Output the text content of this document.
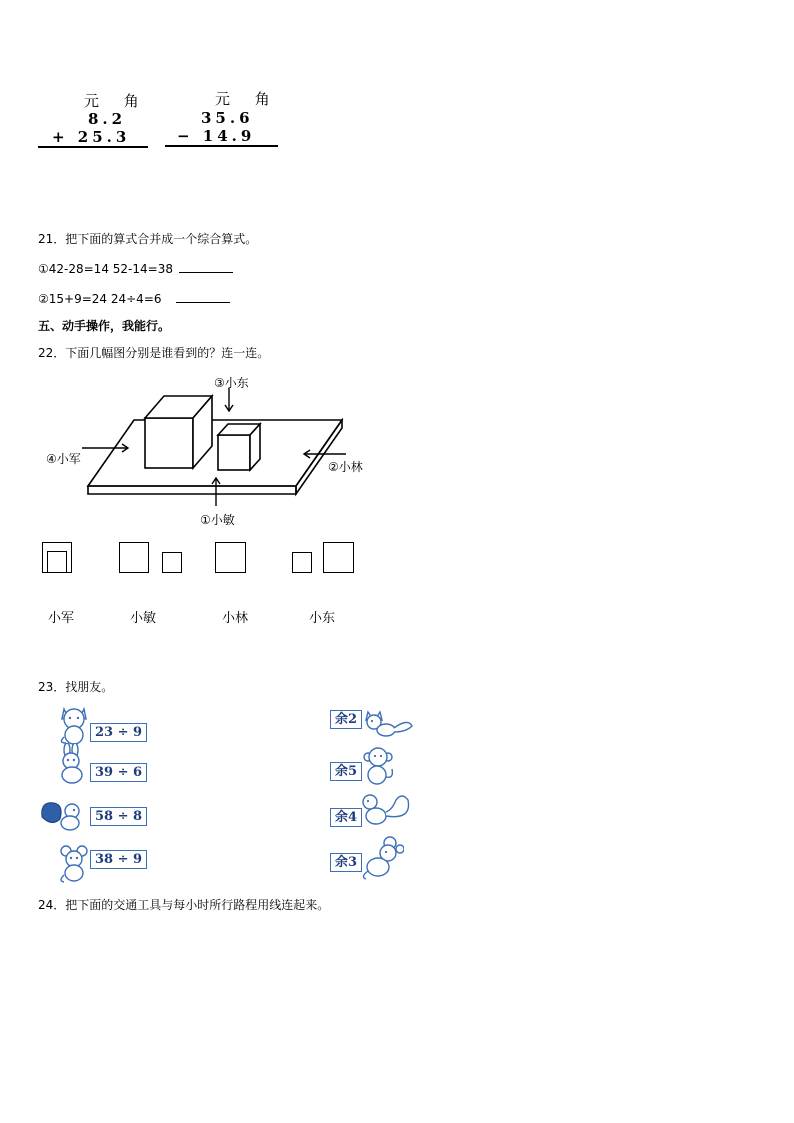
元 角
8.2
+ 25.3
元 角
35.6
− 14.9
21．把下面的算式合并成一个综合算式。
①42-28=14 52-14=38
②15+9=24 24÷4=6
五、动手操作，我能行。
22．下面几幅图分别是谁看到的？连一连。
③小东
④小军
②小林
①小敏
小军	小敏	小林	小东
23．找朋友。
23 ÷ 9
39 ÷ 6
58 ÷ 8
38 ÷ 9
余2
余5
余4
余3
24．把下面的交通工具与每小时所行路程用线连起来。
